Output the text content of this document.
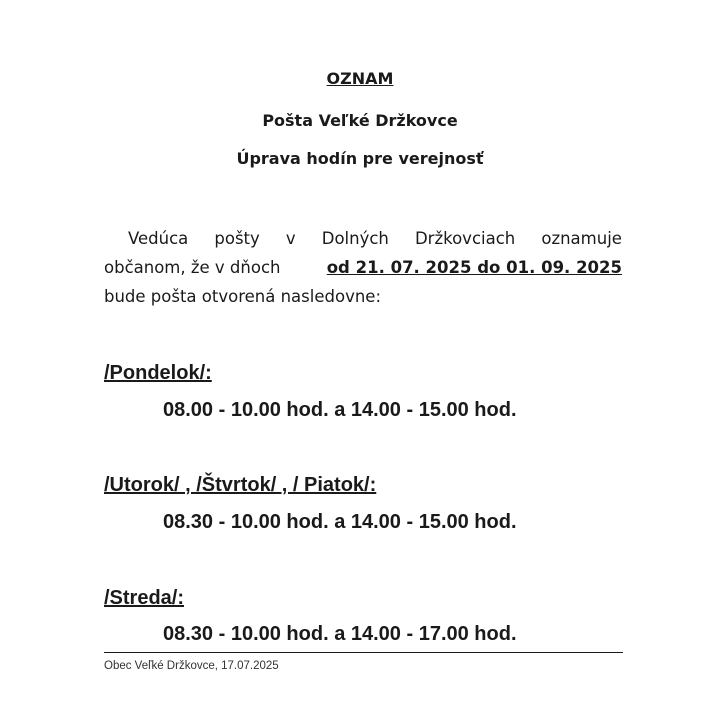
OZNAM
Pošta Veľké Držkovce
Úprava hodín pre verejnosť

Vedúca pošty v Dolných Držkovciach oznamuje

občanom, že v dňoch	od 21. 07. 2025 do 01. 09. 2025

bude pošta otvorená nasledovne:

/Pondelok/:

08.00 - 10.00 hod. a 14.00 - 15.00 hod.

/Utorok/ , /Štvrtok/ , / Piatok/:

08.30 - 10.00 hod. a 14.00 - 15.00 hod.

/Streda/:

08.30 - 10.00 hod. a 14.00 - 17.00 hod.

Obec Veľké Držkovce, 17.07.2025
